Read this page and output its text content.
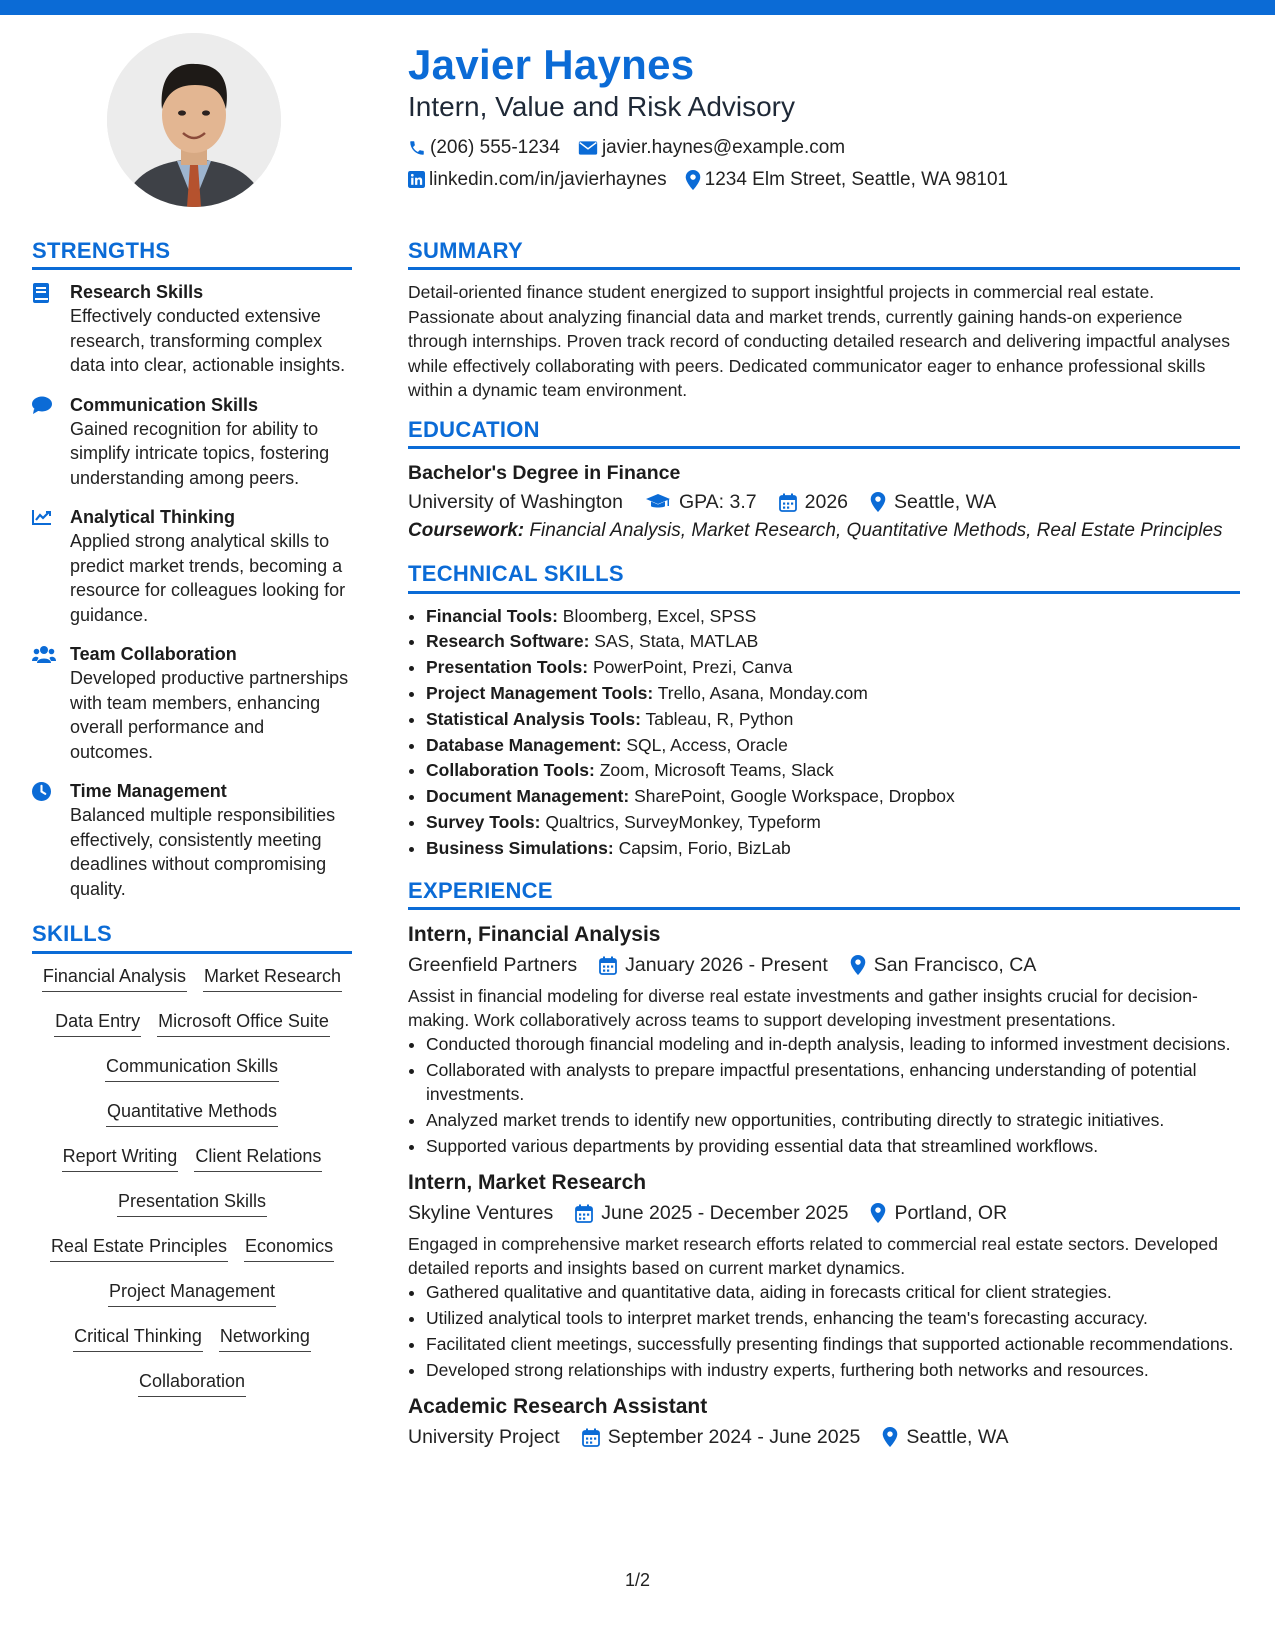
Javier Haynes
Intern, Value and Risk Advisory
(206) 555-1234 javier.haynes@example.com
linkedin.com/in/javierhaynes 1234 Elm Street, Seattle, WA 98101
STRENGTHS
Research Skills
Effectively conducted extensive research, transforming complex data into clear, actionable insights.
Communication Skills
Gained recognition for ability to simplify intricate topics, fostering understanding among peers.
Analytical Thinking
Applied strong analytical skills to predict market trends, becoming a resource for colleagues looking for guidance.
Team Collaboration
Developed productive partnerships with team members, enhancing overall performance and outcomes.
Time Management
Balanced multiple responsibilities effectively, consistently meeting deadlines without compromising quality.
SKILLS
Financial Analysis Market Research
Data Entry Microsoft Office Suite
Communication Skills
Quantitative Methods
Report Writing Client Relations
Presentation Skills
Real Estate Principles Economics
Project Management
Critical Thinking Networking
Collaboration
SUMMARY
Detail-oriented finance student energized to support insightful projects in commercial real estate. Passionate about analyzing financial data and market trends, currently gaining hands-on experience through internships. Proven track record of conducting detailed research and delivering impactful analyses while effectively collaborating with peers. Dedicated communicator eager to enhance professional skills within a dynamic team environment.
EDUCATION
Bachelor's Degree in Finance
University of Washington	GPA: 3.7 2026 Seattle, WA
Coursework: Financial Analysis, Market Research, Quantitative Methods, Real Estate Principles
TECHNICAL SKILLS
• Financial Tools: Bloomberg, Excel, SPSS
• Research Software: SAS, Stata, MATLAB
• Presentation Tools: PowerPoint, Prezi, Canva
• Project Management Tools: Trello, Asana, Monday.com
• Statistical Analysis Tools: Tableau, R, Python
• Database Management: SQL, Access, Oracle
• Collaboration Tools: Zoom, Microsoft Teams, Slack
• Document Management: SharePoint, Google Workspace, Dropbox
• Survey Tools: Qualtrics, SurveyMonkey, Typeform
• Business Simulations: Capsim, Forio, BizLab
EXPERIENCE
Intern, Financial Analysis
Greenfield Partners January 2026 - Present San Francisco, CA
Assist in financial modeling for diverse real estate investments and gather insights crucial for decision-making. Work collaboratively across teams to support developing investment presentations.
• Conducted thorough financial modeling and in-depth analysis, leading to informed investment decisions.
• Collaborated with analysts to prepare impactful presentations, enhancing understanding of potential investments.
• Analyzed market trends to identify new opportunities, contributing directly to strategic initiatives.
• Supported various departments by providing essential data that streamlined workflows.
Intern, Market Research
Skyline Ventures June 2025 - December 2025 Portland, OR
Engaged in comprehensive market research efforts related to commercial real estate sectors. Developed detailed reports and insights based on current market dynamics.
• Gathered qualitative and quantitative data, aiding in forecasts critical for client strategies.
• Utilized analytical tools to interpret market trends, enhancing the team's forecasting accuracy.
• Facilitated client meetings, successfully presenting findings that supported actionable recommendations.
• Developed strong relationships with industry experts, furthering both networks and resources.
Academic Research Assistant
University Project September 2024 - June 2025 Seattle, WA
1/2
